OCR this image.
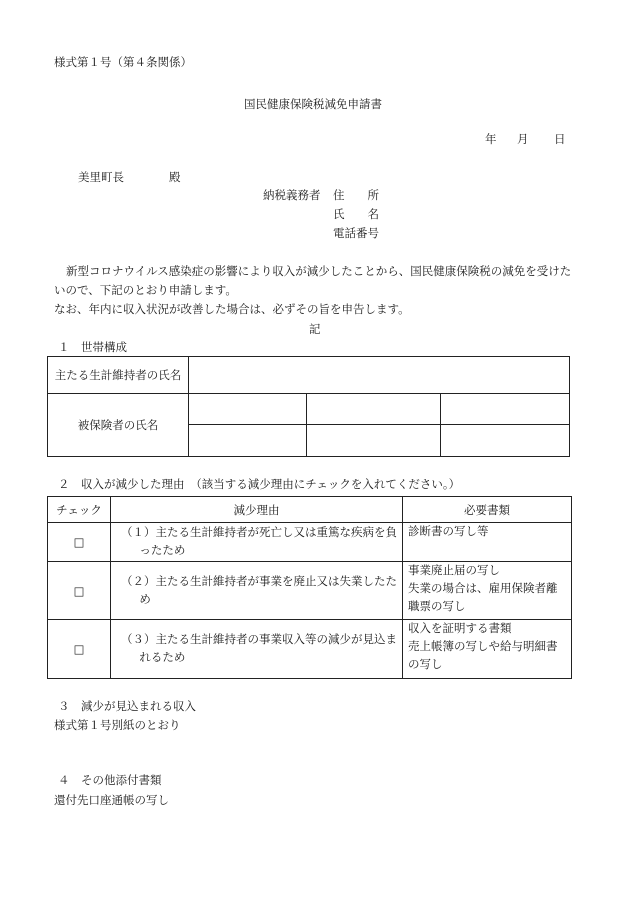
様式第１号（第４条関係）
国民健康保険税減免申請書
年 月 日
美里町長	殿
納税義務者 住　　所
氏　　名
電話番号
新型コロナウイルス感染症の影響により収入が減少したことから、国民健康保険税の減免を受けた
いので、下記のとおり申請します。
なお、年内に収入状況が改善した場合は、必ずその旨を申告します。
記
１　世帯構成
主たる生計維持者の氏名			
被保険者の氏名			

２　収入が減少した理由　（該当する減少理由にチェックを入れてください。）
チェック	減少理由	必要書類
□	（１）主たる生計維持者が死亡し又は重篤な疾病を負ったため	診断書の写し等

□	（２）主たる生計維持者が事業を廃止又は失業したため	事業廃止届の写し
失業の場合は、雇用保険者離職票の写し

□	（３）主たる生計維持者の事業収入等の減少が見込まれるため	収入を証明する書類
売上帳簿の写しや給与明細書の写し
３　減少が見込まれる収入
様式第１号別紙のとおり
４　その他添付書類
還付先口座通帳の写し
